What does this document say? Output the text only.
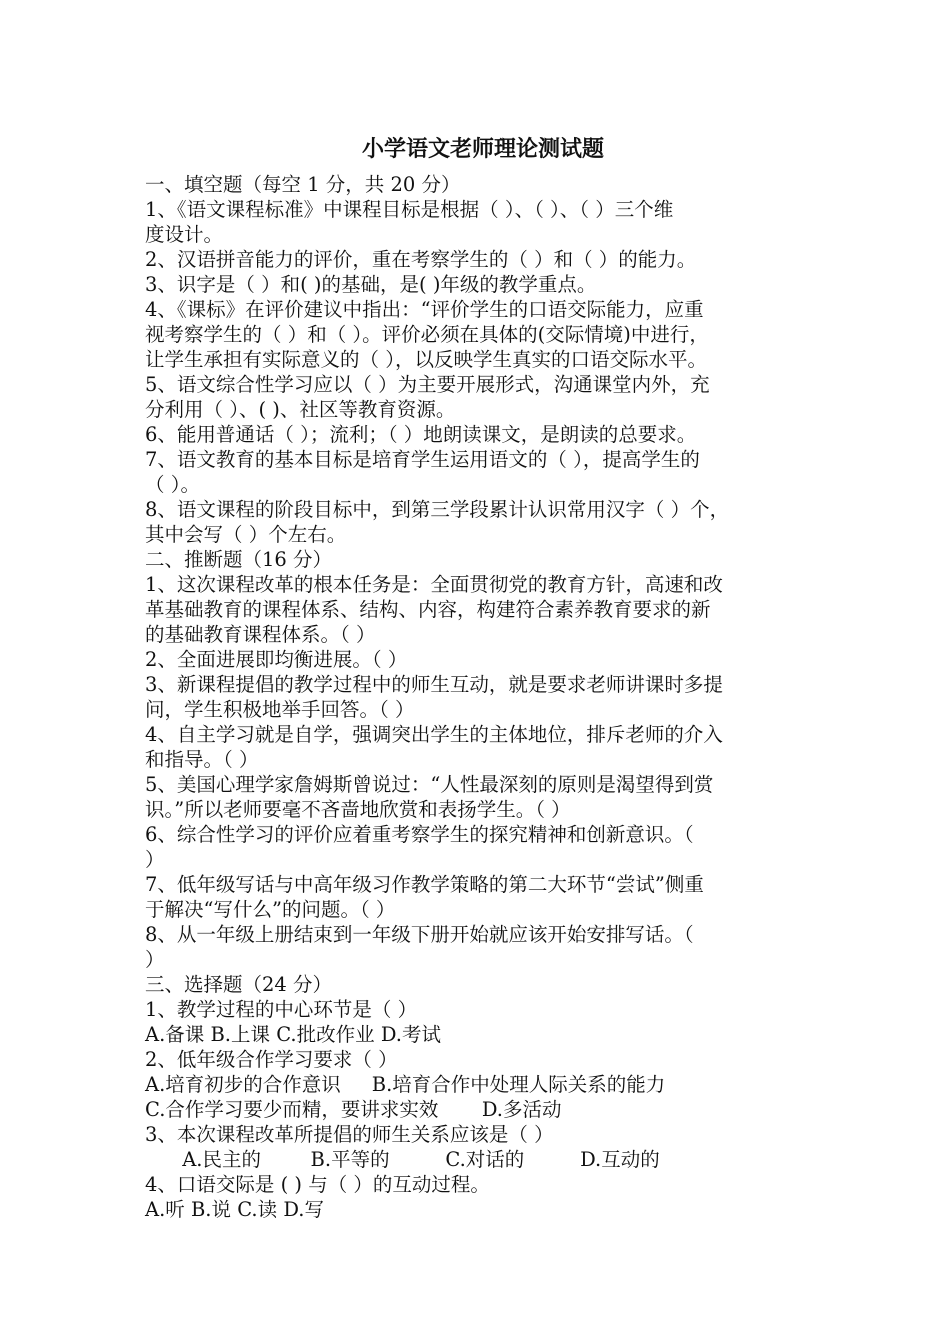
小学语文老师理论测试题
一、填空题（每空 1 分，共 20 分）
1、《语文课程标准》中课程目标是根据（ ）、（ ）、（ ）三个维
度设计。
2、汉语拼音能力的评价，重在考察学生的（ ）和（ ）的能力。
3、识字是（ ）和( )的基础，是( )年级的教学重点。
4、《课标》在评价建议中指出：“评价学生的口语交际能力，应重
视考察学生的（ ）和（ ）。评价必须在具体的(交际情境)中进行，
让学生承担有实际意义的（ ），以反映学生真实的口语交际水平。
5、语文综合性学习应以（ ）为主要开展形式，沟通课堂内外，充
分利用（ ）、( )、社区等教育资源。
6、能用普通话（ ）；流利；（ ）地朗读课文，是朗读的总要求。
7、语文教育的基本目标是培育学生运用语文的（ ），提高学生的
（ ）。
8、语文课程的阶段目标中，到第三学段累计认识常用汉字（ ）个，
其中会写（ ）个左右。
二、推断题（16 分）
1、这次课程改革的根本任务是：全面贯彻党的教育方针，高速和改
革基础教育的课程体系、结构、内容，构建符合素养教育要求的新
的基础教育课程体系。（ ）
2、全面进展即均衡进展。（ ）
3、新课程提倡的教学过程中的师生互动，就是要求老师讲课时多提
问，学生积极地举手回答。（ ）
4、自主学习就是自学，强调突出学生的主体地位，排斥老师的介入
和指导。（ ）
5、美国心理学家詹姆斯曾说过：“人性最深刻的原则是渴望得到赏
识。”所以老师要毫不吝啬地欣赏和表扬学生。（ ）
6、综合性学习的评价应着重考察学生的探究精神和创新意识。（
）
7、低年级写话与中高年级习作教学策略的第二大环节“尝试”侧重
于解决“写什么”的问题。（ ）
8、从一年级上册结束到一年级下册开始就应该开始安排写话。（
）
三、选择题（24 分）
1、教学过程的中心环节是（ ）
A.备课 B.上课 C.批改作业 D.考试
2、低年级合作学习要求（ ）
A.培育初步的合作意识     B.培育合作中处理人际关系的能力
C.合作学习要少而精，要讲求实效       D.多活动
3、本次课程改革所提倡的师生关系应该是（ ）
A.民主的        B.平等的         C.对话的         D.互动的
4、口语交际是 ( ) 与（ ）的互动过程。
A.听 B.说 C.读 D.写
